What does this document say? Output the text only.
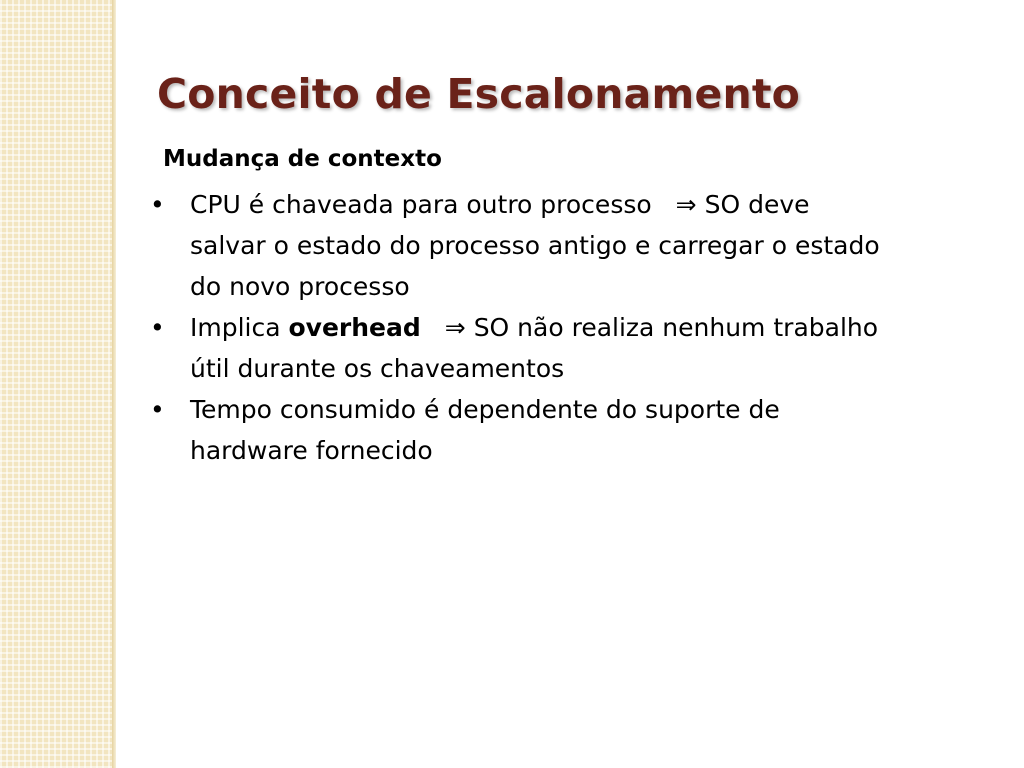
Conceito de Escalonamento
Mudança de contexto
• CPU é chaveada para outro processo ⇒ SO deve salvar o estado do processo antigo e carregar o estado do novo processo
• Implica overhead ⇒ SO não realiza nenhum trabalho útil durante os chaveamentos
• Tempo consumido é dependente do suporte de hardware fornecido
